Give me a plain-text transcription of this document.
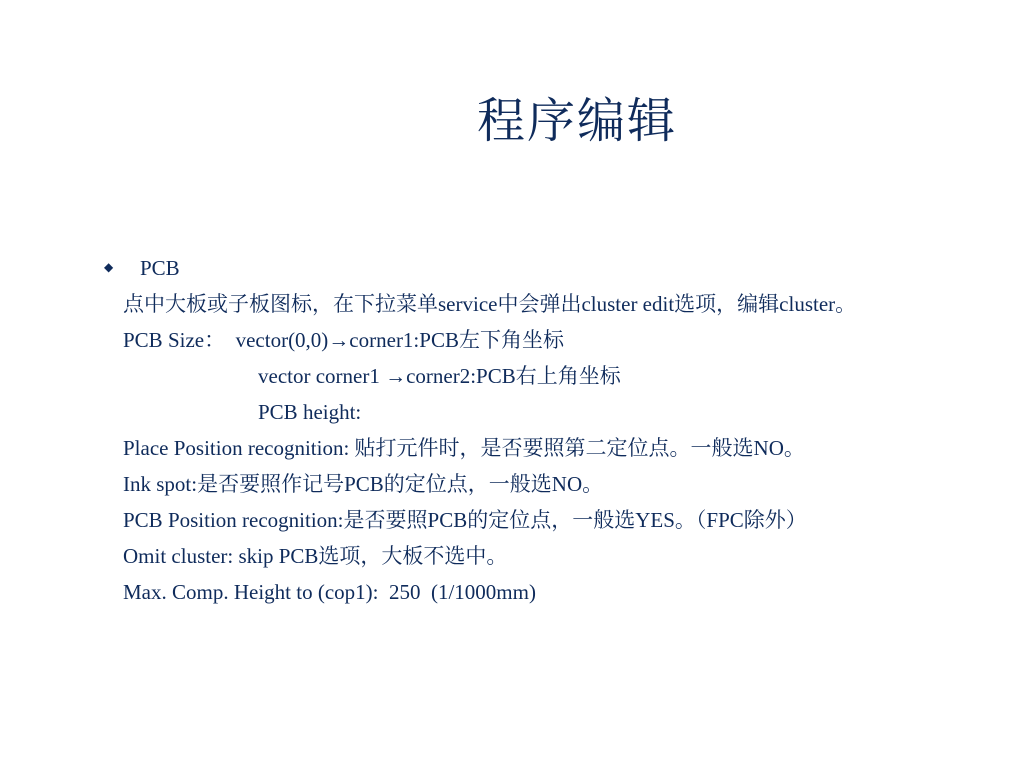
程序编辑
◆ PCB
点中大板或子板图标，在下拉菜单service中会弹出cluster edit选项，编辑cluster。
PCB Size：  vector(0,0)→corner1:PCB左下角坐标
vector corner1 →corner2:PCB右上角坐标
PCB height:
Place Position recognition: 贴打元件时，是否要照第二定位点。一般选NO。
Ink spot:是否要照作记号PCB的定位点，一般选NO。
PCB Position recognition:是否要照PCB的定位点，一般选YES。（FPC除外）
Omit cluster: skip PCB选项，大板不选中。
Max. Comp. Height to (cop1):  250  (1/1000mm)
